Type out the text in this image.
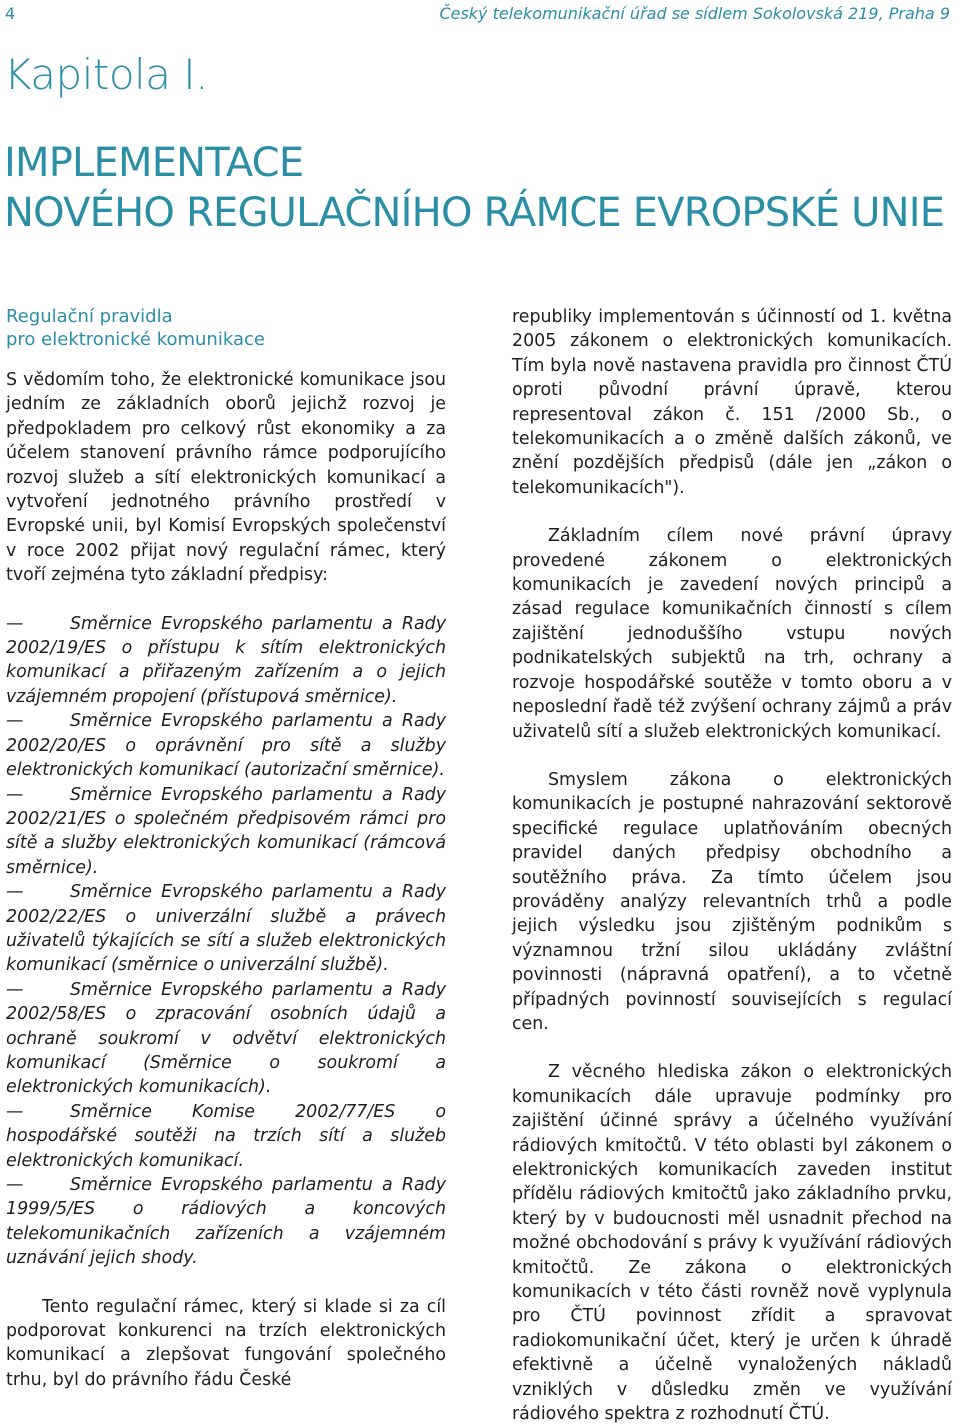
4	Český telekomunikační úřad se sídlem Sokolovská 219, Praha 9
Kapitola I.
IMPLEMENTACE
NOVÉHO REGULAČNÍHO RÁMCE EVROPSKÉ UNIE

Regulační pravidla
pro elektronické komunikace

S vědomím toho, že elektronické komunikace jsou jedním ze základních oborů jejichž rozvoj je předpokladem pro celkový růst ekonomiky a za účelem stanovení právního rámce podporujícího rozvoj služeb a sítí elektronických komunikací a vytvoření jednotného právního prostředí v Evropské unii, byl Komisí Evropských společenství v roce 2002 přijat nový regulační rámec, který tvoří zejména tyto základní předpisy:

—	Směrnice Evropského parlamentu a Rady 2002/19/ES o přístupu k sítím elektronických komunikací a přiřazeným zařízením a o jejich vzájemném propojení (přístupová směrnice).

—	Směrnice Evropského parlamentu a Rady 2002/20/ES o oprávnění pro sítě a služby elektronických komunikací (autorizační směrnice).

—	Směrnice Evropského parlamentu a Rady 2002/21/ES o společném předpisovém rámci pro sítě a služby elektronických komunikací (rámcová směrnice).

—	Směrnice Evropského parlamentu a Rady 2002/22/ES o univerzální službě a právech uživatelů týkajících se sítí a služeb elektronických komunikací (směrnice o univerzální službě).

—	Směrnice Evropského parlamentu a Rady 2002/58/ES o zpracování osobních údajů a ochraně soukromí v odvětví elektronických komunikací (Směrnice o soukromí a elektronických komunikacích).

—	Směrnice Komise 2002/77/ES o hospodářské soutěži na trzích sítí a služeb elektronických komunikací.

—	Směrnice Evropského parlamentu a Rady 1999/5/ES o rádiových a koncových telekomunikačních zařízeních a vzájemném uznávání jejich shody.

Tento regulační rámec, který si klade si za cíl podporovat konkurenci na trzích elektronických komunikací a zlepšovat fungování společného trhu, byl do právního řádu České

republiky implementován s účinností od 1. května 2005 zákonem o elektronických komunikacích. Tím byla nově nastavena pravidla pro činnost ČTÚ oproti původní právní úpravě, kterou representoval zákon č. 151 /2000 Sb., o telekomunikacích a o změně dalších zákonů, ve znění pozdějších předpisů (dále jen „zákon o telekomunikacích").

Základním cílem nové právní úpravy provedené zákonem o elektronických komunikacích je zavedení nových principů a zásad regulace komunikačních činností s cílem zajištění jednoduššího vstupu nových podnikatelských subjektů na trh, ochrany a rozvoje hospodářské soutěže v tomto oboru a v neposlední řadě též zvýšení ochrany zájmů a práv uživatelů sítí a služeb elektronických komunikací.

Smyslem zákona o elektronických komunikacích je postupné nahrazování sektorově specifické regulace uplatňováním obecných pravidel daných předpisy obchodního a soutěžního práva. Za tímto účelem jsou prováděny analýzy relevantních trhů a podle jejich výsledku jsou zjištěným podnikům s významnou tržní silou ukládány zvláštní povinnosti (nápravná opatření), a to včetně případných povinností souvisejících s regulací cen.

Z věcného hlediska zákon o elektronických komunikacích dále upravuje podmínky pro zajištění účinné správy a účelného využívání rádiových kmitočtů. V této oblasti byl zákonem o elektronických komunikacích zaveden institut přídělu rádiových kmitočtů jako základního prvku, který by v budoucnosti měl usnadnit přechod na možné obchodování s právy k využívání rádiových kmitočtů. Ze zákona o elektronických komunikacích v této části rovněž nově vyplynula pro ČTÚ povinnost zřídit a spravovat radiokomunikační účet, který je určen k úhradě efektivně a účelně vynaložených nákladů vzniklých v důsledku změn ve využívání rádiového spektra z rozhodnutí ČTÚ.
